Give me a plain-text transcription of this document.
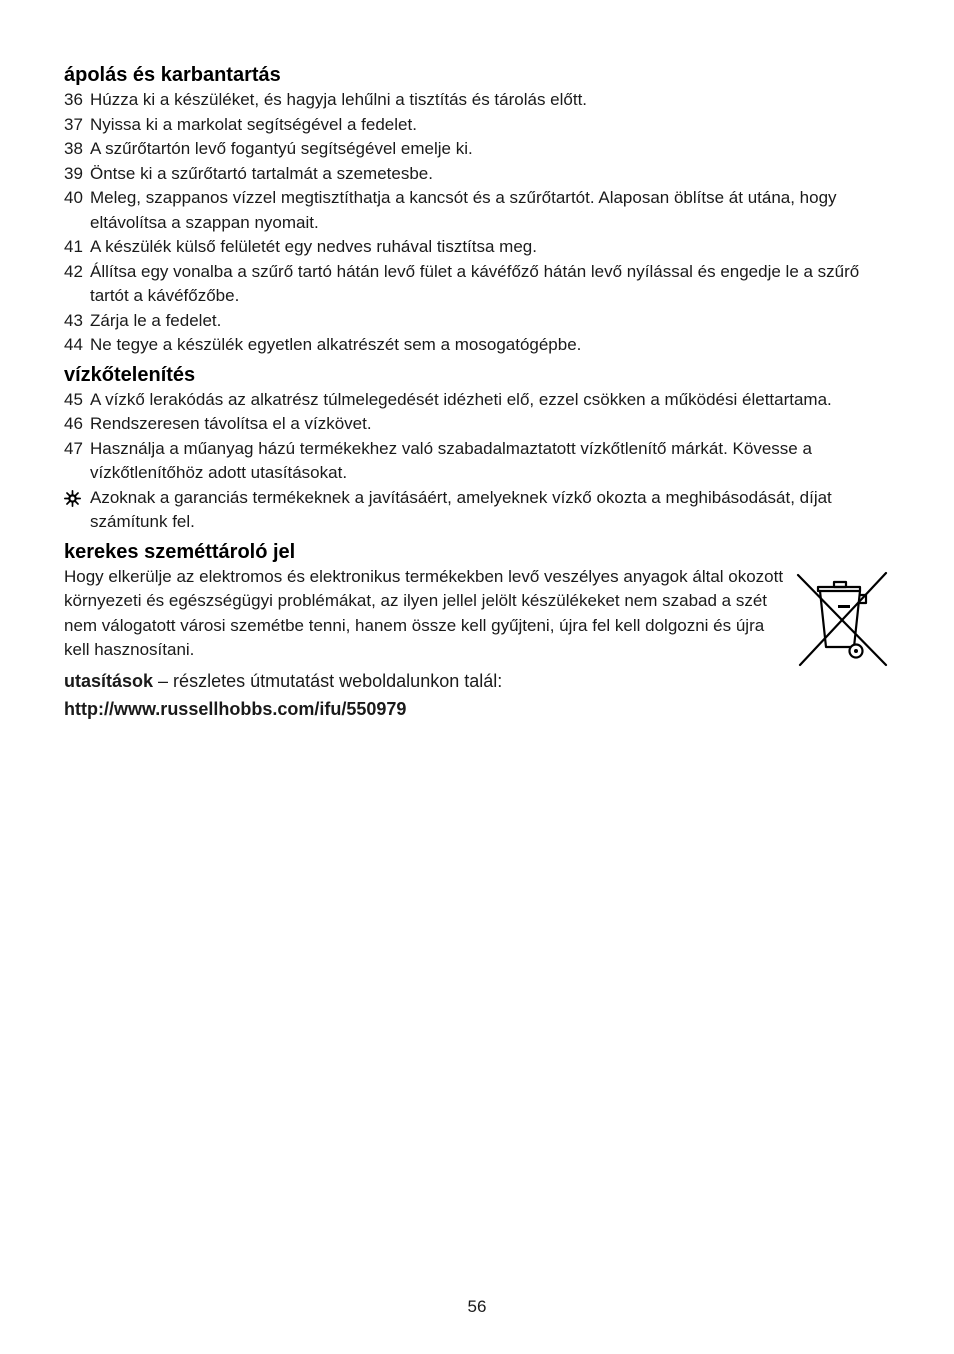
ápolás és karbantartás
36 Húzza ki a készüléket, és hagyja lehűlni a tisztítás és tárolás előtt.
37 Nyissa ki a markolat segítségével a fedelet.
38 A szűrőtartón levő fogantyú segítségével emelje ki.
39 Öntse ki a szűrőtartó tartalmát a szemetesbe.
40 Meleg, szappanos vízzel megtisztíthatja a kancsót és a szűrőtartót. Alaposan öblítse át utána, hogy eltávolítsa a szappan nyomait.
41 A készülék külső felületét egy nedves ruhával tisztítsa meg.
42 Állítsa egy vonalba a szűrő tartó hátán levő fület a kávéfőző hátán levő nyílással és engedje le a szűrő tartót a kávéfőzőbe.
43 Zárja le a fedelet.
44 Ne tegye a készülék egyetlen alkatrészét sem a mosogatógépbe.
vízkőtelenítés
45 A vízkő lerakódás az alkatrész túlmelegedését idézheti elő, ezzel csökken a működési élettartama.
46 Rendszeresen távolítsa el a vízkövet.
47 Használja a műanyag házú termékekhez való szabadalmaztatott vízkőtlenítő márkát. Kövesse a vízkőtlenítőhöz adott utasításokat.
Azoknak a garanciás termékeknek a javításáért, amelyeknek vízkő okozta a meghibásodását, díjat számítunk fel.
kerekes szeméttároló jel

Hogy elkerülje az elektromos és elektronikus termékekben levő veszélyes anyagok által okozott környezeti és egészségügyi problémákat, az ilyen jellel jelölt készülékeket nem szabad a szét nem válogatott városi szemétbe tenni, hanem össze kell gyűjteni, újra fel kell dolgozni és újra kell hasznosítani.

utasítások – részletes útmutatást weboldalunkon talál:
http://www.russellhobbs.com/ifu/550979
56
